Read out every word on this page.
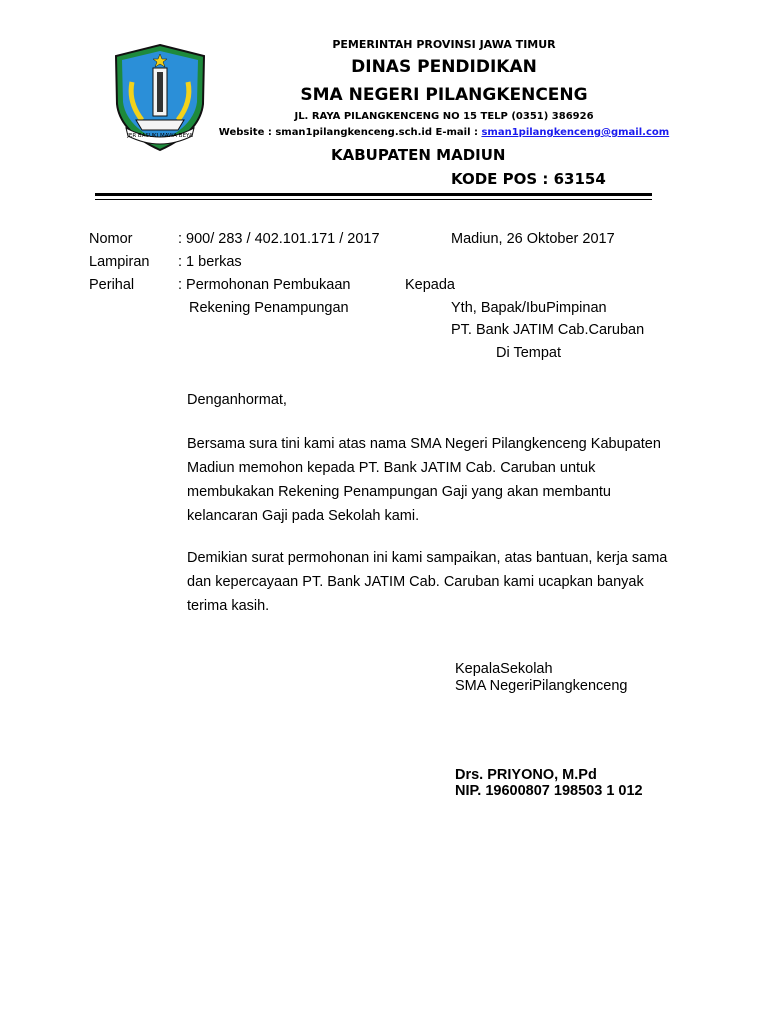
JER BASUKI MAWA BEYA
PEMERINTAH PROVINSI JAWA TIMUR
DINAS PENDIDIKAN
SMA NEGERI PILANGKENCENG
JL. RAYA PILANGKENCENG NO 15 TELP (0351) 386926
Website : sman1pilangkenceng.sch.id E-mail : sman1pilangkenceng@gmail.com
KABUPATEN MADIUN
KODE POS : 63154
Nomor	: 900/ 283 / 402.101.171 / 2017	Madiun, 26 Oktober 2017
Lampiran : 1 berkas
Perihal	: Permohonan Pembukaan	Kepada
Rekening Penampungan	Yth, Bapak/IbuPimpinan
PT. Bank JATIM Cab.Caruban
Di Tempat
Denganhormat,
Bersama sura tini kami atas nama SMA Negeri Pilangkenceng Kabupaten
Madiun memohon kepada PT. Bank JATIM Cab. Caruban untuk
membukakan Rekening Penampungan Gaji yang akan membantu
kelancaran Gaji pada Sekolah kami.
Demikian surat permohonan ini kami sampaikan, atas bantuan, kerja sama
dan kepercayaan PT. Bank JATIM Cab. Caruban kami ucapkan banyak
terima kasih.
KepalaSekolah
SMA NegeriPilangkenceng
Drs. PRIYONO, M.Pd
NIP. 19600807 198503 1 012
